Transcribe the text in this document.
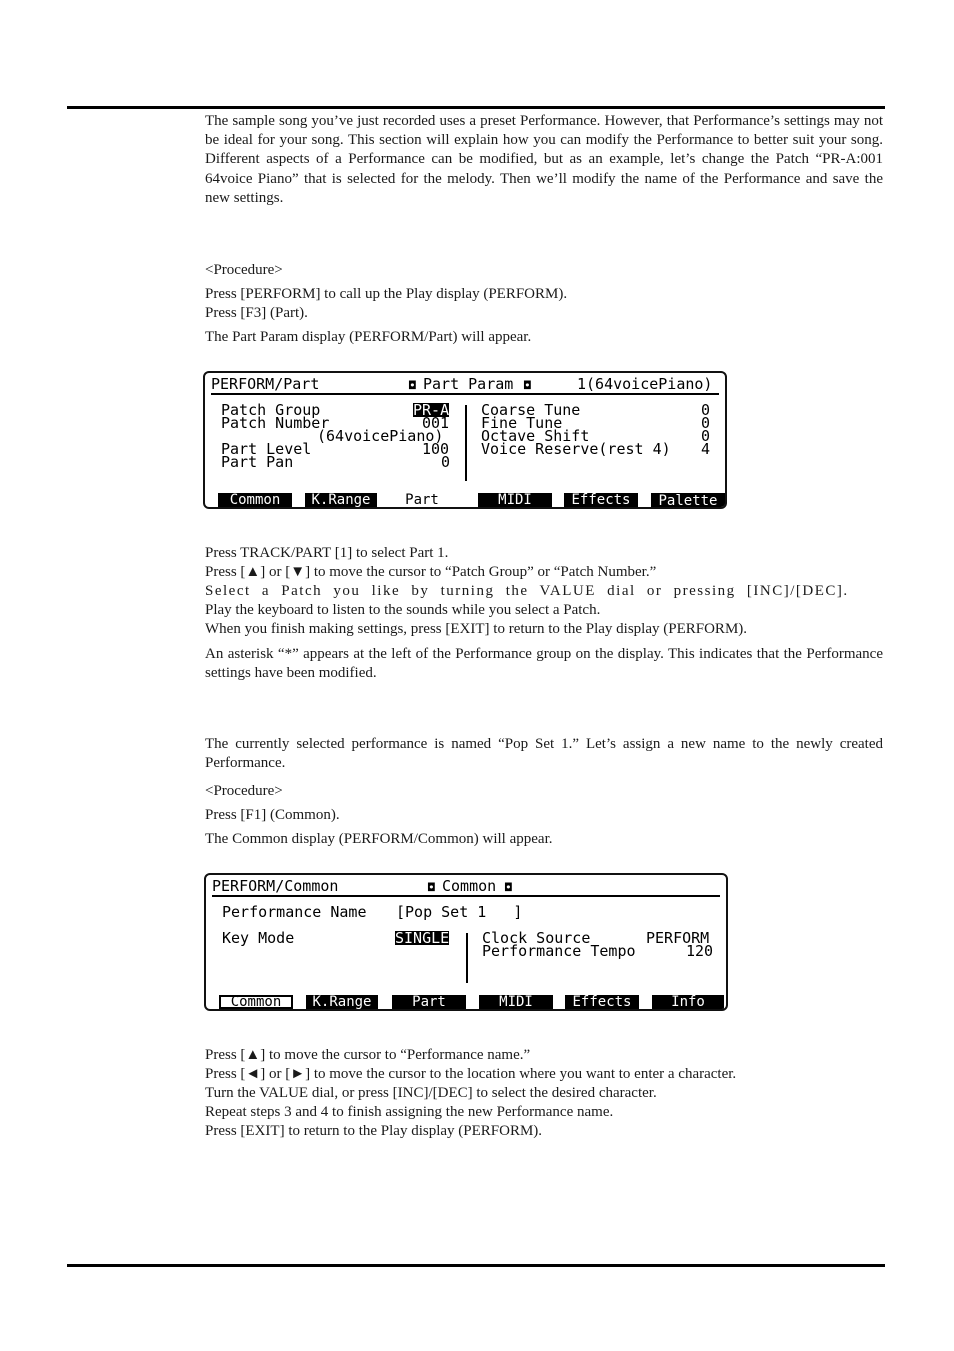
The sample song you’ve just recorded uses a preset Performance. However, that Performance’s settings may not be ideal for your song. This section will explain how you can modify the Performance to better suit your song. Different aspects of a Performance can be modified, but as an example, let’s change the Patch “PR-A:001 64voice Piano” that is selected for the melody. Then we’ll modify the name of the Performance and save the new settings.

<Procedure>

Press [PERFORM] to call up the Play display (PERFORM).

Press [F3] (Part).

The Part Param display (PERFORM/Part) will appear.

PERFORM/Part	◘ Part Param ◘	1(64voicePiano)
Patch Group	PR-A
Patch Number	001
(64voicePiano)
Part Level	100
Part Pan	0
Coarse Tune	0
Fine Tune	0
Octave Shift	0
Voice Reserve(rest 4) 4
Common	K.Range	Part	MIDI	Effects	Palette

Press TRACK/PART [1] to select Part 1.

Press [▲] or [▼] to move the cursor to “Patch Group” or “Patch Number.”

Select a Patch you like by turning the VALUE dial or pressing [INC]/[DEC].

Play the keyboard to listen to the sounds while you select a Patch.

When you finish making settings, press [EXIT] to return to the Play display (PERFORM).

An asterisk “*” appears at the left of the Performance group on the display. This indicates that the Performance settings have been modified.

The currently selected performance is named “Pop Set 1.” Let’s assign a new name to the newly created Performance.

<Procedure>

Press [F1] (Common).

The Common display (PERFORM/Common) will appear.

PERFORM/Common	◘ Common ◘
Performance Name [Pop Set 1   ]
Key Mode	SINGLE Clock Source	PERFORM
Performance Tempo	120
Common	K.Range	Part	MIDI	Effects	Info

Press [▲] to move the cursor to “Performance name.”

Press [◄] or [►] to move the cursor to the location where you want to enter a character.

Turn the VALUE dial, or press [INC]/[DEC] to select the desired character.

Repeat steps 3 and 4 to finish assigning the new Performance name.

Press [EXIT] to return to the Play display (PERFORM).
